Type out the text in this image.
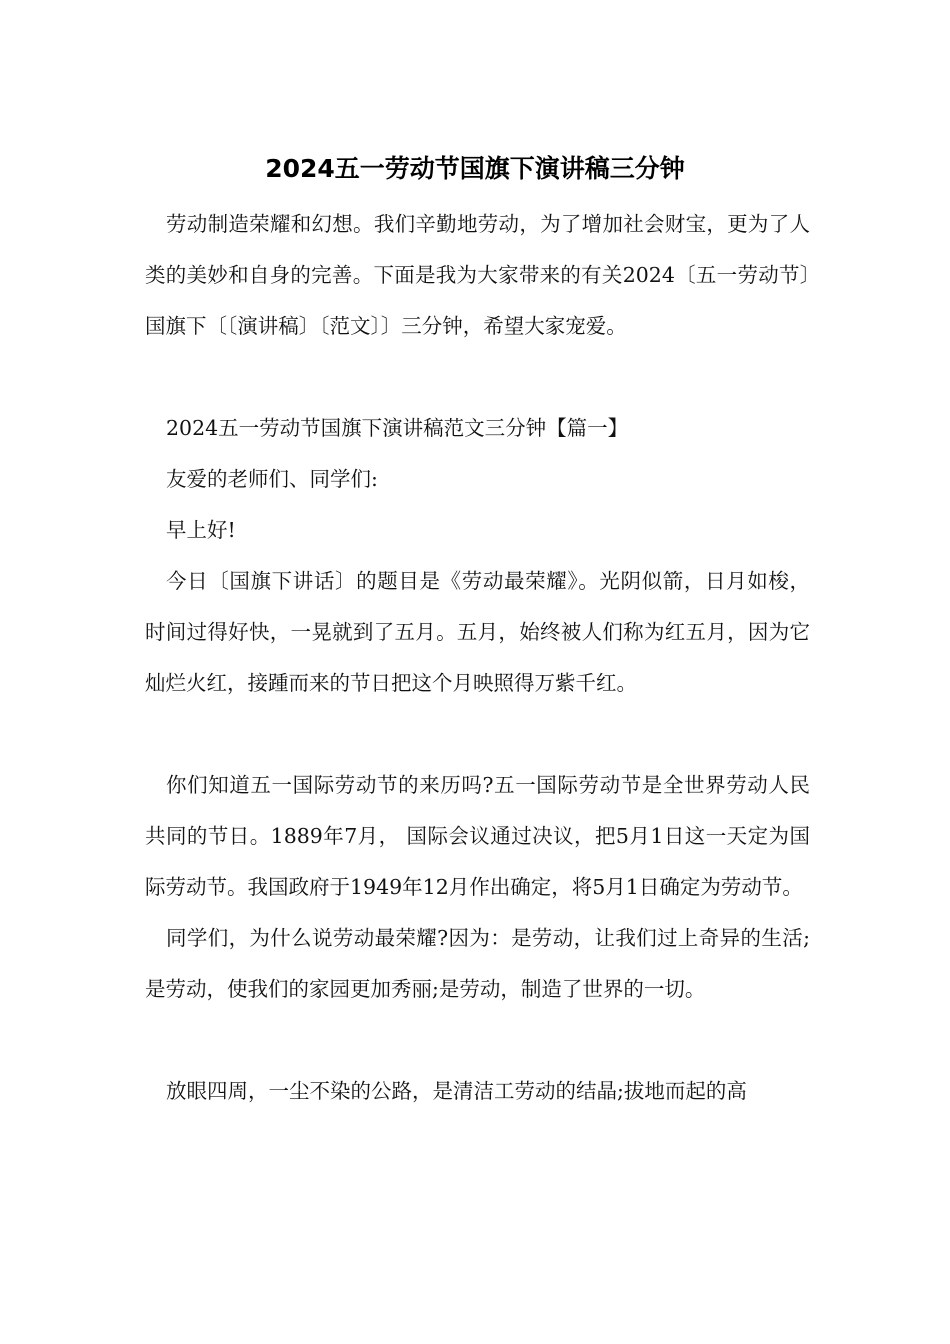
2024五一劳动节国旗下演讲稿三分钟

劳动制造荣耀和幻想。我们辛勤地劳动，为了增加社会财宝，更为了人类的美妙和自身的完善。下面是我为大家带来的有关2024〔五一劳动节〕国旗下〔〔演讲稿〕〔范文〕〕三分钟，希望大家宠爱。

2024五一劳动节国旗下演讲稿范文三分钟【篇一】

友爱的老师们、同学们:

早上好!

今日〔国旗下讲话〕的题目是《劳动最荣耀》。光阴似箭，日月如梭，时间过得好快，一晃就到了五月。五月，始终被人们称为红五月，因为它灿烂火红，接踵而来的节日把这个月映照得万紫千红。

你们知道五一国际劳动节的来历吗?五一国际劳动节是全世界劳动人民共同的节日。1889年7月， 国际会议通过决议，把5月1日这一天定为国际劳动节。我国政府于1949年12月作出确定，将5月1日确定为劳动节。

同学们，为什么说劳动最荣耀?因为：是劳动，让我们过上奇异的生活;是劳动，使我们的家园更加秀丽;是劳动，制造了世界的一切。

放眼四周，一尘不染的公路，是清洁工劳动的结晶;拔地而起的高
